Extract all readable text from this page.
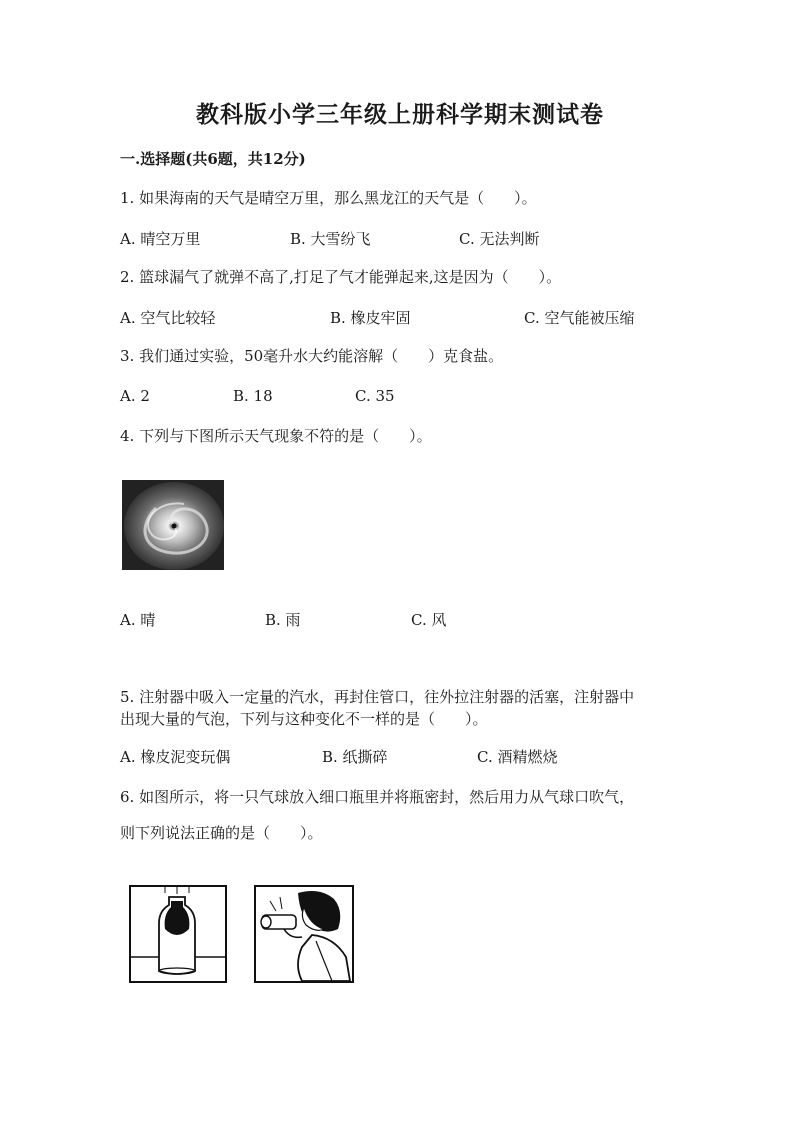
教科版小学三年级上册科学期末测试卷
一.选择题(共6题，共12分)
1. 如果海南的天气是晴空万里，那么黑龙江的天气是（　　）。
A. 晴空万里	B. 大雪纷飞	C. 无法判断
2. 篮球漏气了就弹不高了,打足了气才能弹起来,这是因为（　　）。
A. 空气比较轻	B. 橡皮牢固	C. 空气能被压缩
3. 我们通过实验，50毫升水大约能溶解（　　）克食盐。
A. 2	B. 18	C. 35
4. 下列与下图所示天气现象不符的是（　　）。
A. 晴	B. 雨	C. 风
5. 注射器中吸入一定量的汽水，再封住管口，往外拉注射器的活塞，注射器中
出现大量的气泡，下列与这种变化不一样的是（　　）。
A. 橡皮泥变玩偶	B. 纸撕碎	C. 酒精燃烧
6. 如图所示，将一只气球放入细口瓶里并将瓶密封，然后用力从气球口吹气，
则下列说法正确的是（　　）。
